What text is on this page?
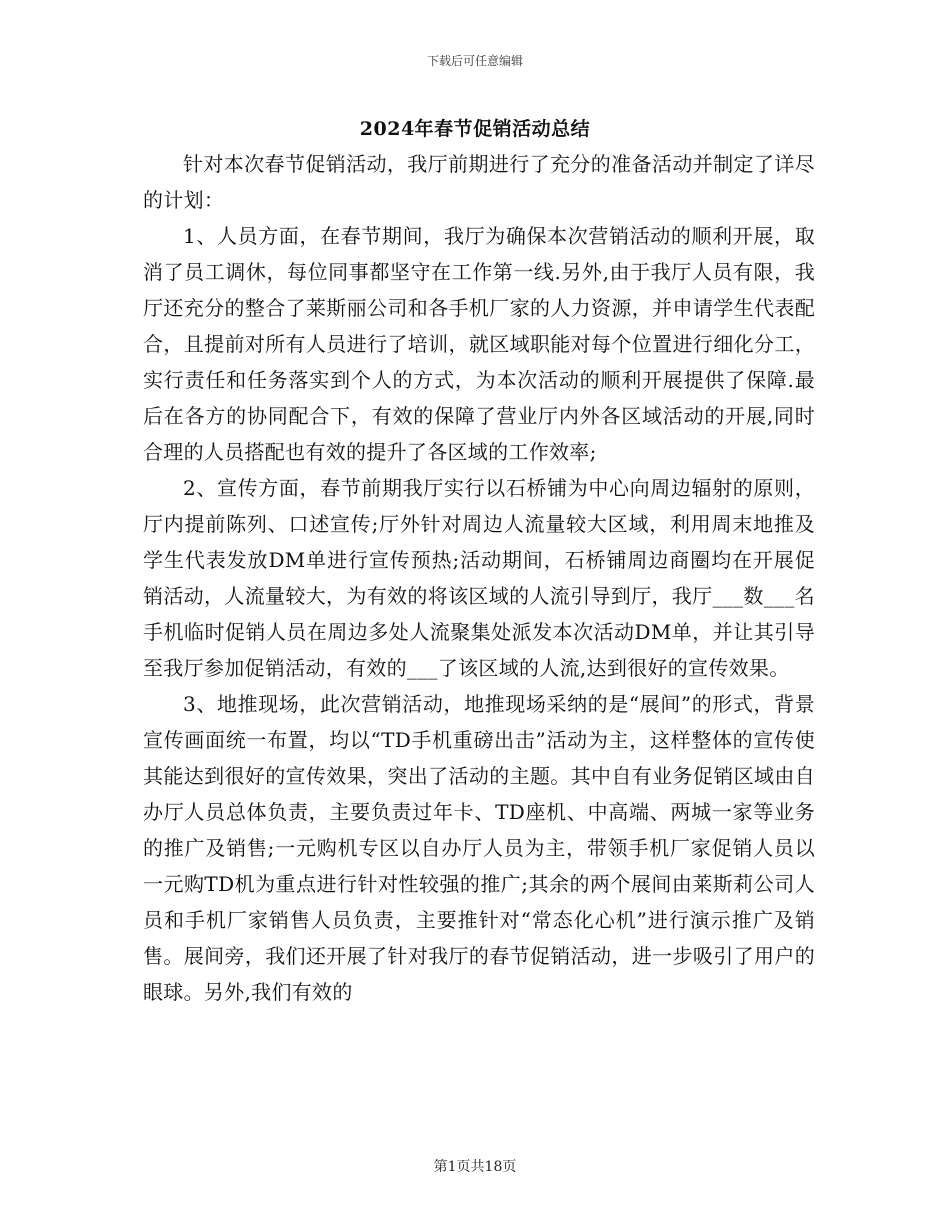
下载后可任意编辑
2024年春节促销活动总结

针对本次春节促销活动，我厅前期进行了充分的准备活动并制定了详尽的计划：

1、人员方面，在春节期间，我厅为确保本次营销活动的顺利开展，取消了员工调休，每位同事都坚守在工作第一线.另外,由于我厅人员有限，我厅还充分的整合了莱斯丽公司和各手机厂家的人力资源，并申请学生代表配合，且提前对所有人员进行了培训，就区域职能对每个位置进行细化分工，实行责任和任务落实到个人的方式，为本次活动的顺利开展提供了保障.最后在各方的协同配合下，有效的保障了营业厅内外各区域活动的开展,同时合理的人员搭配也有效的提升了各区域的工作效率;

2、宣传方面，春节前期我厅实行以石桥铺为中心向周边辐射的原则，厅内提前陈列、口述宣传;厅外针对周边人流量较大区域，利用周末地推及学生代表发放DM单进行宣传预热;活动期间，石桥铺周边商圈均在开展促销活动，人流量较大，为有效的将该区域的人流引导到厅，我厅___数___名手机临时促销人员在周边多处人流聚集处派发本次活动DM单，并让其引导至我厅参加促销活动，有效的___了该区域的人流,达到很好的宣传效果。

3、地推现场，此次营销活动，地推现场采纳的是“展间”的形式，背景宣传画面统一布置，均以“TD手机重磅出击”活动为主，这样整体的宣传使其能达到很好的宣传效果，突出了活动的主题。其中自有业务促销区域由自办厅人员总体负责，主要负责过年卡、TD座机、中高端、两城一家等业务的推广及销售;一元购机专区以自办厅人员为主，带领手机厂家促销人员以一元购TD机为重点进行针对性较强的推广;其余的两个展间由莱斯莉公司人员和手机厂家销售人员负责，主要推针对“常态化心机”进行演示推广及销售。展间旁，我们还开展了针对我厅的春节促销活动，进一步吸引了用户的眼球。另外,我们有效的

第1页共18页
